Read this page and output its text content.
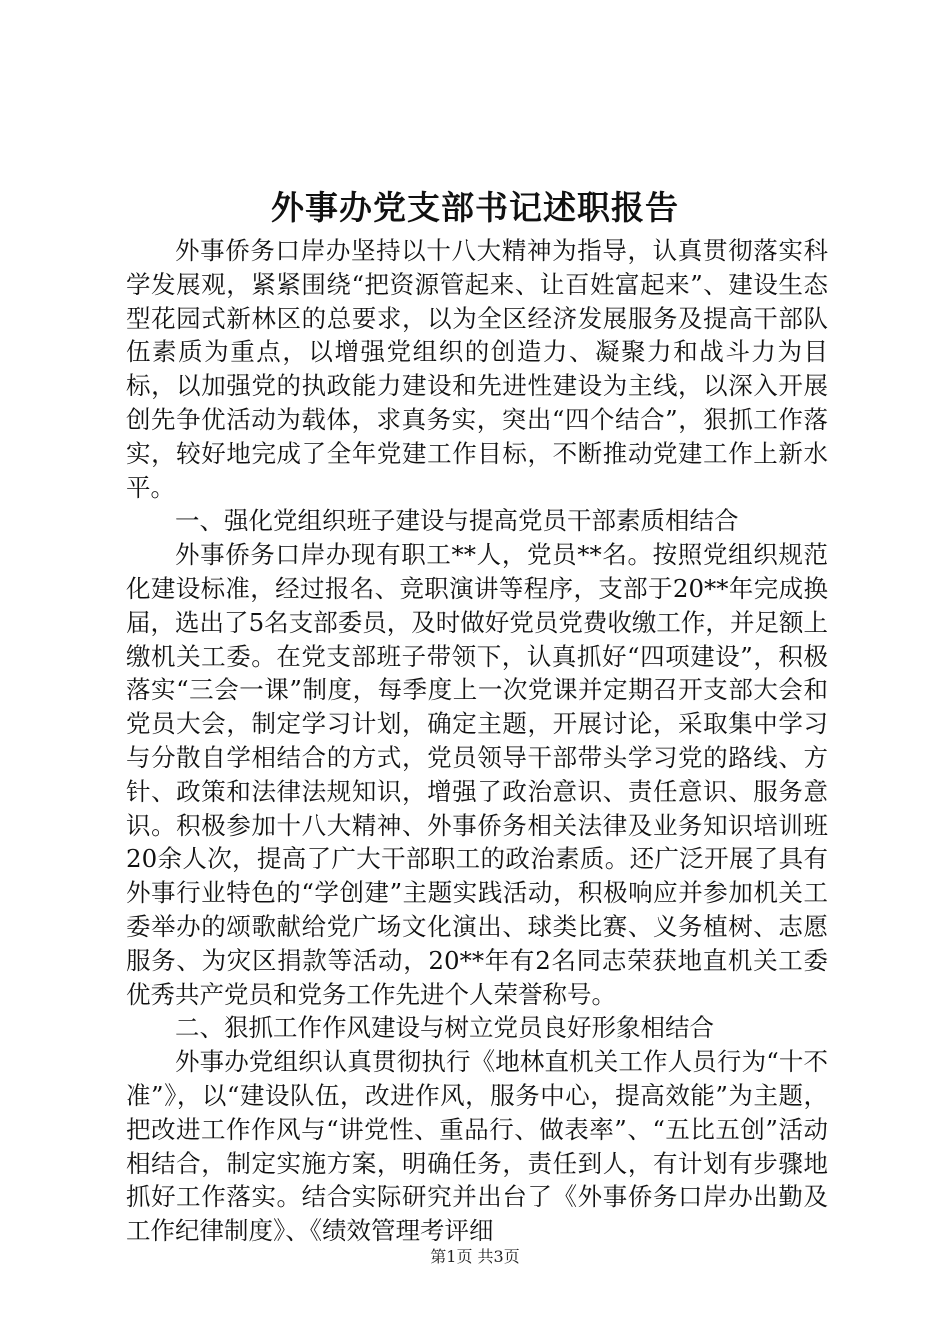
外事办党支部书记述职报告

外事侨务口岸办坚持以十八大精神为指导，认真贯彻落实科学发展观，紧紧围绕“把资源管起来、让百姓富起来”、建设生态型花园式新林区的总要求，以为全区经济发展服务及提高干部队伍素质为重点，以增强党组织的创造力、凝聚力和战斗力为目标，以加强党的执政能力建设和先进性建设为主线，以深入开展创先争优活动为载体，求真务实，突出“四个结合”，狠抓工作落实，较好地完成了全年党建工作目标，不断推动党建工作上新水平。

一、强化党组织班子建设与提高党员干部素质相结合

外事侨务口岸办现有职工**人，党员**名。按照党组织规范化建设标准，经过报名、竞职演讲等程序，支部于20**年完成换届，选出了5名支部委员，及时做好党员党费收缴工作，并足额上缴机关工委。在党支部班子带领下，认真抓好“四项建设”，积极落实“三会一课”制度，每季度上一次党课并定期召开支部大会和党员大会，制定学习计划，确定主题，开展讨论，采取集中学习与分散自学相结合的方式，党员领导干部带头学习党的路线、方针、政策和法律法规知识，增强了政治意识、责任意识、服务意识。积极参加十八大精神、外事侨务相关法律及业务知识培训班20余人次，提高了广大干部职工的政治素质。还广泛开展了具有外事行业特色的“学创建”主题实践活动，积极响应并参加机关工委举办的颂歌献给党广场文化演出、球类比赛、义务植树、志愿服务、为灾区捐款等活动，20**年有2名同志荣获地直机关工委优秀共产党员和党务工作先进个人荣誉称号。

二、狠抓工作作风建设与树立党员良好形象相结合

外事办党组织认真贯彻执行《地林直机关工作人员行为“十不准”》，以“建设队伍，改进作风，服务中心，提高效能”为主题，把改进工作作风与“讲党性、重品行、做表率”、“五比五创”活动相结合，制定实施方案，明确任务，责任到人，有计划有步骤地抓好工作落实。结合实际研究并出台了《外事侨务口岸办出勤及工作纪律制度》、《绩效管理考评细

第1页 共3页
